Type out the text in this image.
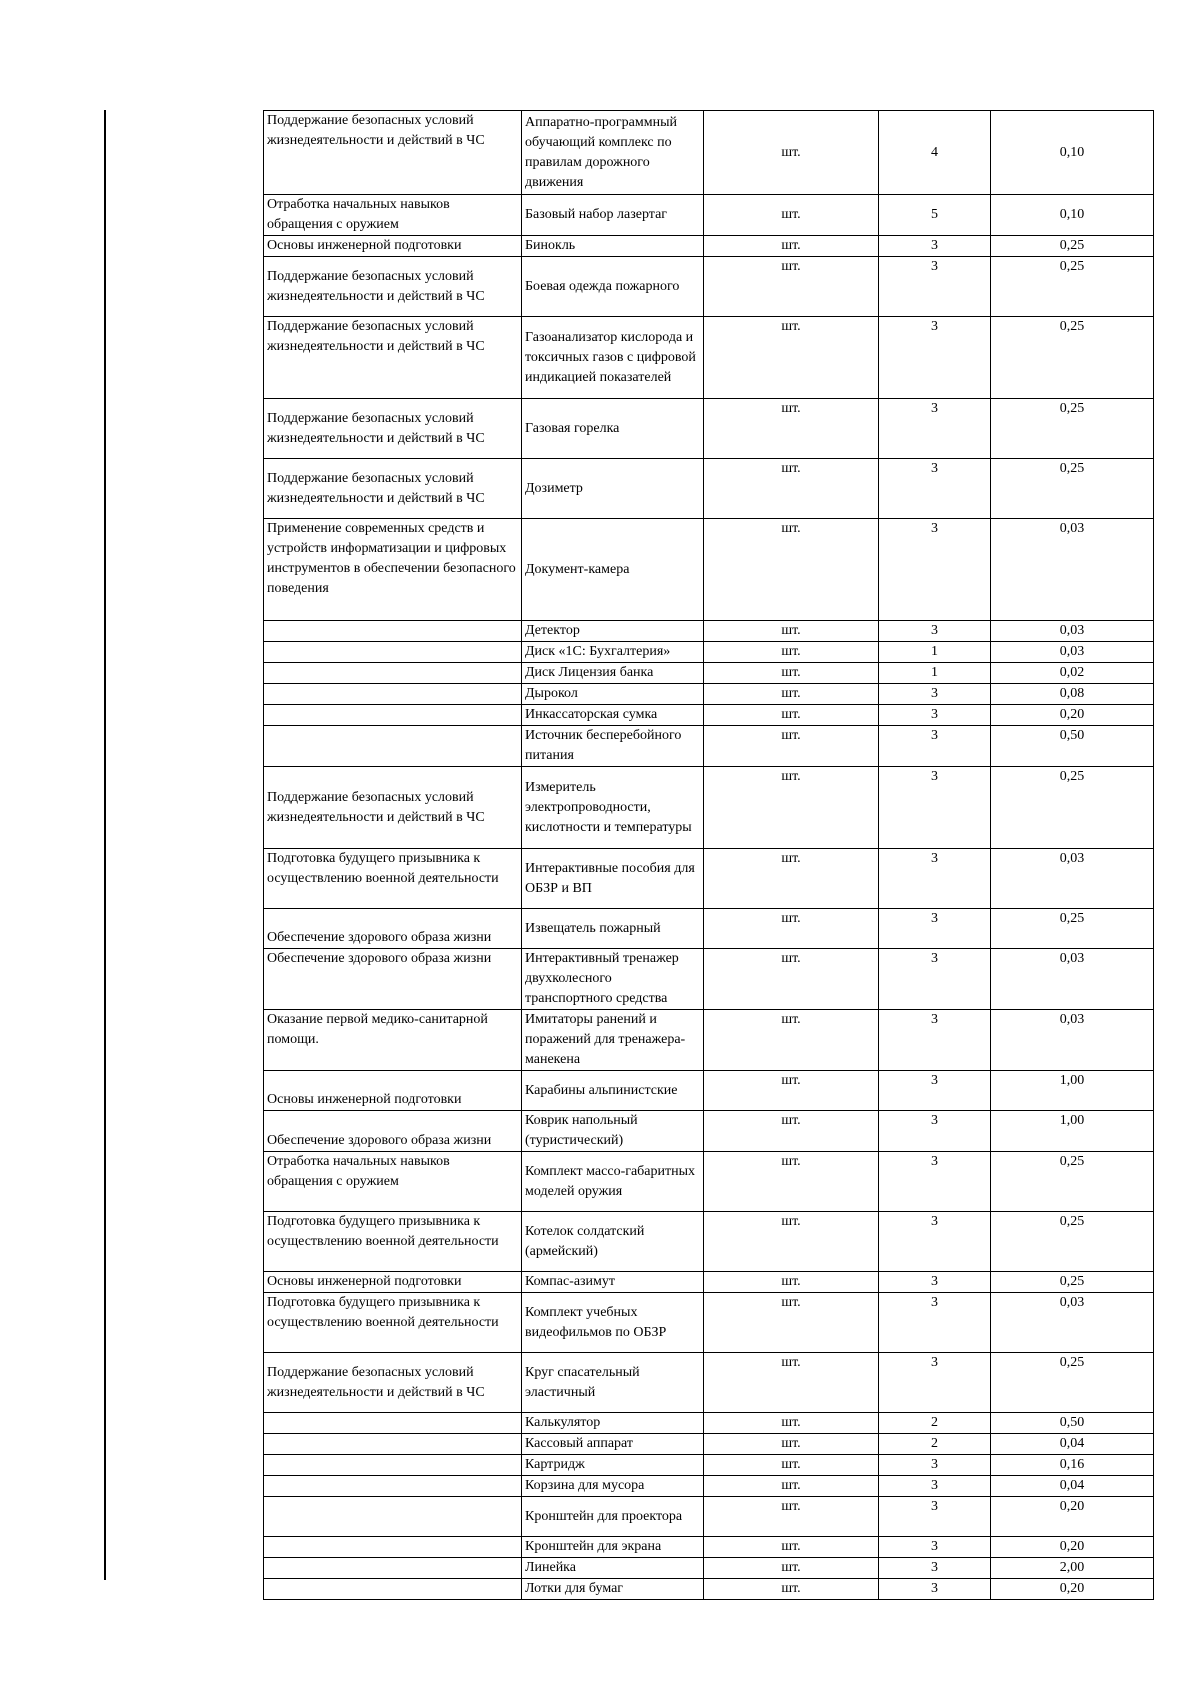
Поддержание безопасных условий жизнедеятельности и действий в ЧС	Аппаратно-программный обучающий комплекс по правилам дорожного движения	шт.	4	0,10
Отработка начальных навыков обращения с оружием	Базовый набор лазертаг	шт.	5	0,10
Основы инженерной подготовки	Бинокль	шт.	3	0,25
Поддержание безопасных условий жизнедеятельности и действий в ЧС	Боевая одежда пожарного	шт.	3	0,25
Поддержание безопасных условий жизнедеятельности и действий в ЧС	Газоанализатор кислорода и токсичных газов с цифровой индикацией показателей	шт.	3	0,25
Поддержание безопасных условий жизнедеятельности и действий в ЧС	Газовая горелка	шт.	3	0,25
Поддержание безопасных условий жизнедеятельности и действий в ЧС	Дозиметр	шт.	3	0,25
Применение современных средств и устройств информатизации и цифровых инструментов в обеспечении безопасного поведения	Документ-камера	шт.	3	0,03
	Детектор	шт.	3	0,03
	Диск «1С: Бухгалтерия»	шт.	1	0,03
	Диск Лицензия банка	шт.	1	0,02
	Дырокол	шт.	3	0,08
	Инкассаторская сумка	шт.	3	0,20
	Источник бесперебойного питания	шт.	3	0,50
Поддержание безопасных условий жизнедеятельности и действий в ЧС	Измеритель электропроводности, кислотности и температуры	шт.	3	0,25
Подготовка будущего призывника к осуществлению военной деятельности	Интерактивные пособия для ОБЗР и ВП	шт.	3	0,03
Обеспечение здорового образа жизни	Извещатель пожарный	шт.	3	0,25
Обеспечение здорового образа жизни	Интерактивный тренажер двухколесного транспортного средства	шт.	3	0,03
Оказание первой медико-санитарной помощи.	Имитаторы ранений и поражений для тренажера-манекена	шт.	3	0,03
Основы инженерной подготовки	Карабины альпинистские	шт.	3	1,00
Обеспечение здорового образа жизни	Коврик напольный (туристический)	шт.	3	1,00
Отработка начальных навыков обращения с оружием	Комплект массо-габаритных моделей оружия	шт.	3	0,25
Подготовка будущего призывника к осуществлению военной деятельности	Котелок солдатский (армейский)	шт.	3	0,25
Основы инженерной подготовки	Компас-азимут	шт.	3	0,25
Подготовка будущего призывника к осуществлению военной деятельности	Комплект учебных видеофильмов по ОБЗР	шт.	3	0,03
Поддержание безопасных условий жизнедеятельности и действий в ЧС	Круг спасательный эластичный	шт.	3	0,25
	Калькулятор	шт.	2	0,50
	Кассовый аппарат	шт.	2	0,04
	Картридж	шт.	3	0,16
	Корзина для мусора	шт.	3	0,04
	Кронштейн для проектора	шт.	3	0,20
	Кронштейн для экрана	шт.	3	0,20
	Линейка	шт.	3	2,00
	Лотки для бумаг	шт.	3	0,20
